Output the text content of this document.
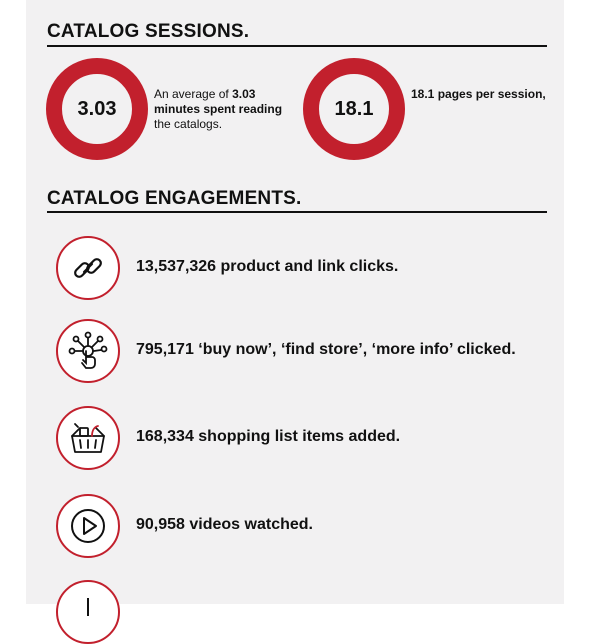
CATALOG SESSIONS.
3.03
An average of 3.03 minutes spent reading
the catalogs.
18.1
18.1 pages per session,
CATALOG ENGAGEMENTS.
13,537,326 product and link clicks.
795,171 ‘buy now’, ‘find store’, ‘more info’ clicked.
168,334 shopping list items added.
90,958 videos watched.
